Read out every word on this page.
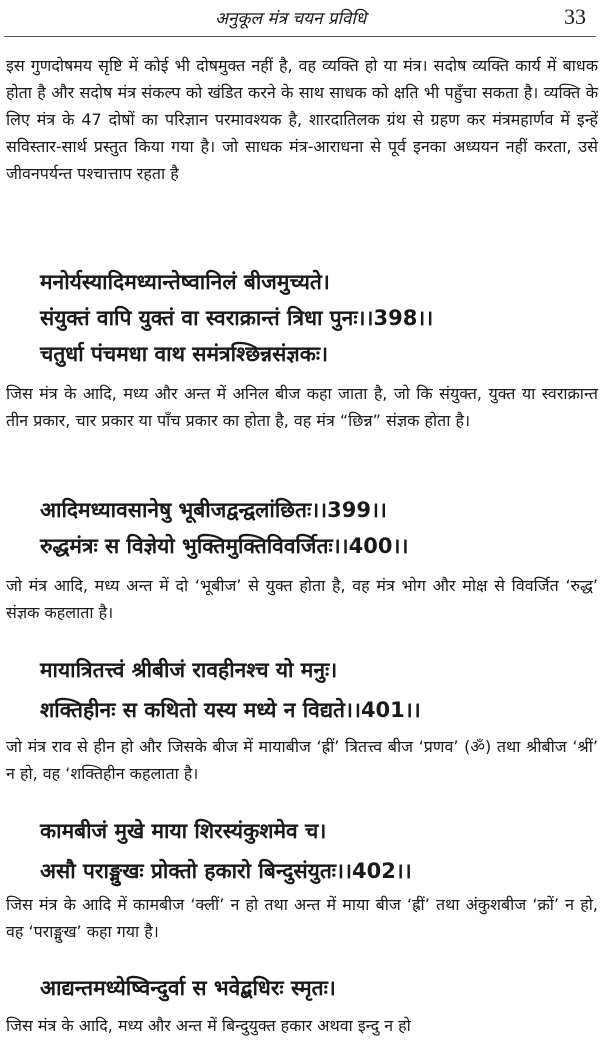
अनुकूल मंत्र चयन प्रविधि	33

इस गुणदोषमय सृष्टि में कोई भी दोषमुक्त नहीं है, वह व्यक्ति हो या मंत्र। सदोष व्यक्ति कार्य में बाधक होता है और सदोष मंत्र संकल्प को खंडित करने के साथ साधक को क्षति भी पहुँचा सकता है। व्यक्ति के लिए मंत्र के 47 दोषों का परिज्ञान परमावश्यक है, शारदातिलक ग्रंथ से ग्रहण कर मंत्रमहार्णव में इन्हें सविस्तार-सार्थ प्रस्तुत किया गया है। जो साधक मंत्र-आराधना से पूर्व इनका अध्ययन नहीं करता, उसे जीवनपर्यन्त पश्चात्ताप रहता है

मनोर्यस्यादिमध्यान्तेष्वानिलं बीजमुच्यते।
संयुक्तं वापि युक्तं वा स्वराक्रान्तं त्रिधा पुनः।।398।।
चतुर्धा पंचमधा वाथ समंत्रश्छिन्नसंज्ञकः।

जिस मंत्र के आदि, मध्य और अन्त में अनिल बीज कहा जाता है, जो कि संयुक्त, युक्त या स्वराक्रान्त तीन प्रकार, चार प्रकार या पाँच प्रकार का होता है, वह मंत्र “छिन्न” संज्ञक होता है।

आदिमध्यावसानेषु भूबीजद्वन्द्वलांछितः।।399।।
रुद्धमंत्रः स विज्ञेयो भुक्तिमुक्तिविवर्जितः।।400।।

जो मंत्र आदि, मध्य अन्त में दो ‘भूबीज’ से युक्त होता है, वह मंत्र भोग और मोक्ष से विवर्जित ‘रुद्ध’ संज्ञक कहलाता है।

मायात्रितत्त्वं श्रीबीजं रावहीनश्च यो मनुः।
शक्तिहीनः स कथितो यस्य मध्ये न विद्यते।।401।।

जो मंत्र राव से हीन हो और जिसके बीज में मायाबीज ‘ह्रीं’ त्रितत्त्व बीज ‘प्रणव’ (ॐ) तथा श्रीबीज ‘श्रीं’ न हो, वह ‘शक्तिहीन कहलाता है।

कामबीजं मुखे माया शिरस्यंकुशमेव च।
असौ पराङ्मुखः प्रोक्तो हकारो बिन्दुसंयुतः।।402।।

जिस मंत्र के आदि में कामबीज ‘क्लीं’ न हो तथा अन्त में माया बीज ‘ह्रीं’ तथा अंकुशबीज ‘क्रों’ न हो, वह ‘पराङ्मुख’ कहा गया है।

आद्यन्तमध्येष्विन्दुर्वा स भवेद्बधिरः स्मृतः।

जिस मंत्र के आदि, मध्य और अन्त में बिन्दुयुक्त हकार अथवा इन्दु न हो
